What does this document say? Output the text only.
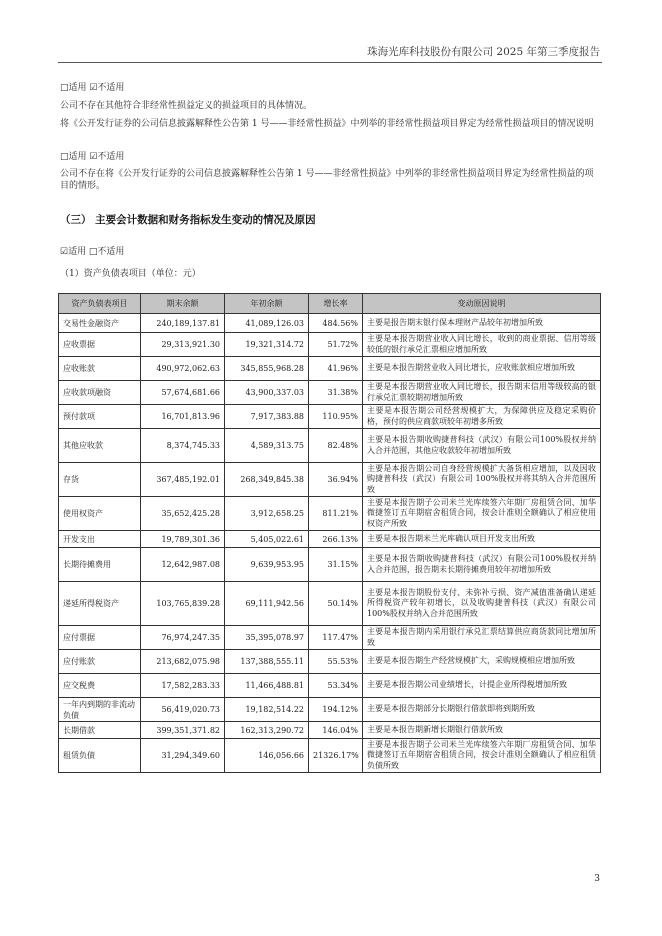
珠海光库科技股份有限公司 2025 年第三季度报告
□适用 ☑不适用
公司不存在其他符合非经常性损益定义的损益项目的具体情况。
将《公开发行证券的公司信息披露解释性公告第 1 号——非经常性损益》中列举的非经常性损益项目界定为经常性损益项目的情况说明
□适用 ☑不适用
公司不存在将《公开发行证券的公司信息披露解释性公告第 1 号——非经常性损益》中列举的非经常性损益项目界定为经常性损益的项目的情形。
（三） 主要会计数据和财务指标发生变动的情况及原因
☑适用 □不适用
（1）资产负债表项目（单位：元）
资产负债表项目	期末余额	年初余额	增长率	变动原因说明
交易性金融资产	240,189,137.81	41,089,126.03	484.56%	主要是报告期末银行保本理财产品较年初增加所致
应收票据	29,313,921.30	19,321,314.72	51.72%	主要是本报告期营业收入同比增长，收到的商业票据、信用等级较低的银行承兑汇票相应增加所致
应收账款	490,972,062.63	345,855,968.28	41.96%	主要是本报告期营业收入同比增长，应收账款相应增加所致
应收款项融资	57,674,681.66	43,900,337.03	31.38%	主要是本报告期营业收入同比增长，报告期末信用等级较高的银行承兑汇票较期初增加所致
预付款项	16,701,813.96	7,917,383.88	110.95%	主要是本报告期公司经营规模扩大，为保障供应及稳定采购价格，预付的供应商款项较年初增多所致
其他应收款	8,374,745.33	4,589,313.75	82.48%	主要是本报告期收购捷普科技（武汉）有限公司100%股权并纳入合并范围，其他应收款较年初增加所致
存货	367,485,192.01	268,349,845.38	36.94%	主要是本报告期公司自身经营规模扩大备货相应增加，以及因收购捷普科技（武汉）有限公司 100%股权并将其纳入合并范围所致
使用权资产	35,652,425.28	3,912,658.25	811.21%	主要是本报告期子公司米兰光库续签六年期厂房租赁合同、加华微捷签订五年期宿舍租赁合同，按会计准则全额确认了相应使用权资产所致
开发支出	19,789,301.36	5,405,022.61	266.13%	主要是本报告期米兰光库确认项目开发支出所致
长期待摊费用	12,642,987.08	9,639,953.95	31.15%	主要是本报告期收购捷普科技（武汉）有限公司100%股权并纳入合并范围，报告期末长期待摊费用较年初增加所致
递延所得税资产	103,765,839.28	69,111,942.56	50.14%	主要是本报告期股份支付、未弥补亏损、资产减值准备确认递延所得税资产较年初增长，以及收购捷普科技（武汉）有限公司 100%股权并纳入合并范围所致
应付票据	76,974,247.35	35,395,078.97	117.47%	主要是本报告期内采用银行承兑汇票结算供应商货款同比增加所致
应付账款	213,682,075.98	137,388,555.11	55.53%	主要是本报告期生产经营规模扩大，采购规模相应增加所致
应交税费	17,582,283.33	11,466,488.81	53.34%	主要是本报告期公司业绩增长，计提企业所得税增加所致
一年内到期的非流动负债	56,419,020.73	19,182,514.22	194.12%	主要是本报告期部分长期银行借款即将到期所致
长期借款	399,351,371.82	162,313,290.72	146.04%	主要是本报告期新增长期银行借款所致
租赁负债	31,294,349.60	146,056.66	21326.17%	主要是本报告期子公司米兰光库续签六年期厂房租赁合同、加华微捷签订五年期宿舍租赁合同，按会计准则全额确认了相应租赁负债所致
3
